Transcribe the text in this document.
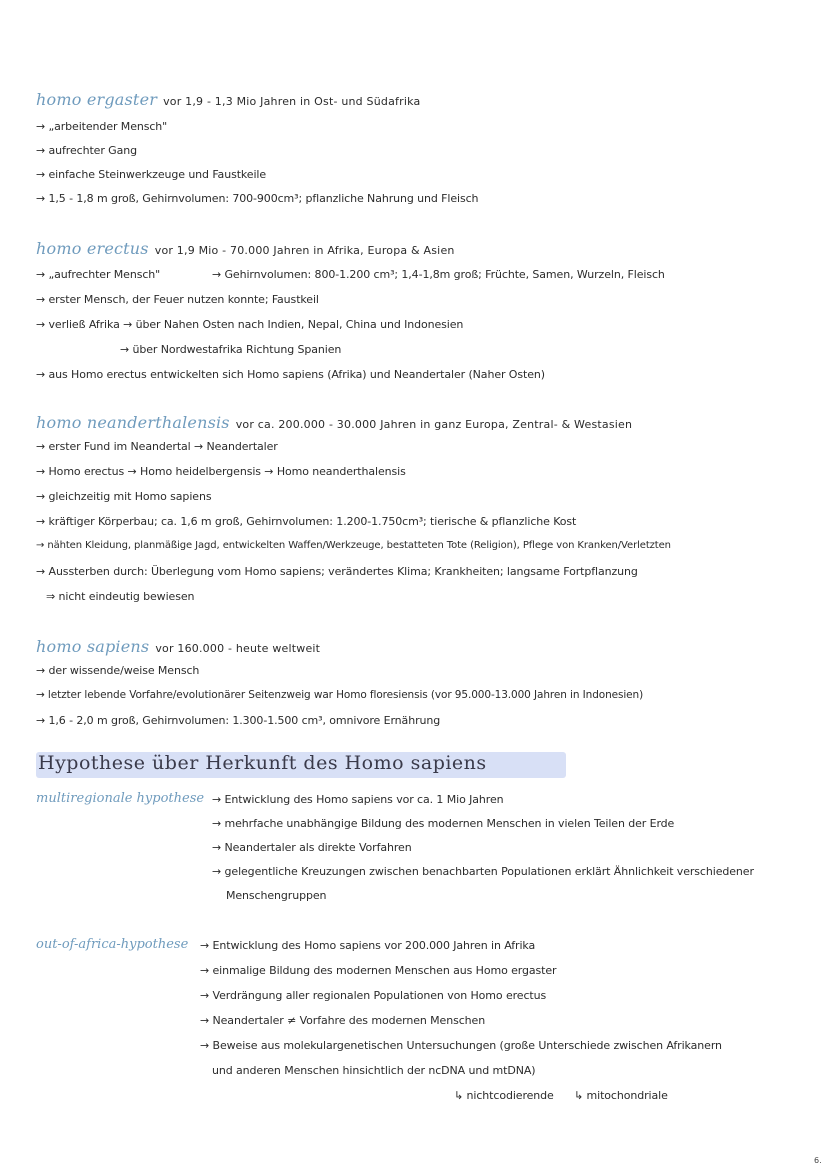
homo ergaster vor 1,9 - 1,3 Mio Jahren in Ost- und Südafrika
→ „arbeitender Mensch"
→ aufrechter Gang
→ einfache Steinwerkzeuge und Faustkeile
→ 1,5 - 1,8 m groß, Gehirnvolumen: 700-900cm³; pflanzliche Nahrung und Fleisch
homo erectus vor 1,9 Mio - 70.000 Jahren in Afrika, Europa & Asien
→ „aufrechter Mensch"	→ Gehirnvolumen: 800-1.200 cm³; 1,4-1,8m groß; Früchte, Samen, Wurzeln, Fleisch
→ erster Mensch, der Feuer nutzen konnte; Faustkeil
→ verließ Afrika → über Nahen Osten nach Indien, Nepal, China und Indonesien
→ über Nordwestafrika Richtung Spanien
→ aus Homo erectus entwickelten sich Homo sapiens (Afrika) und Neandertaler (Naher Osten)
homo neanderthalensis vor ca. 200.000 - 30.000 Jahren in ganz Europa, Zentral- & Westasien
→ erster Fund im Neandertal → Neandertaler
→ Homo erectus → Homo heidelbergensis → Homo neanderthalensis
→ gleichzeitig mit Homo sapiens
→ kräftiger Körperbau; ca. 1,6 m groß, Gehirnvolumen: 1.200-1.750cm³; tierische & pflanzliche Kost
→ nähten Kleidung, planmäßige Jagd, entwickelten Waffen/Werkzeuge, bestatteten Tote (Religion), Pflege von Kranken/Verletzten
→ Aussterben durch: Überlegung vom Homo sapiens; verändertes Klima; Krankheiten; langsame Fortpflanzung
⇒ nicht eindeutig bewiesen
homo sapiens vor 160.000 - heute weltweit
→ der wissende/weise Mensch
→ letzter lebende Vorfahre/evolutionärer Seitenzweig war Homo floresiensis (vor 95.000-13.000 Jahren in Indonesien)
→ 1,6 - 2,0 m groß, Gehirnvolumen: 1.300-1.500 cm³, omnivore Ernährung
Hypothese über Herkunft des Homo sapiens
multiregionale hypothese → Entwicklung des Homo sapiens vor ca. 1 Mio Jahren
→ mehrfache unabhängige Bildung des modernen Menschen in vielen Teilen der Erde
→ Neandertaler als direkte Vorfahren
→ gelegentliche Kreuzungen zwischen benachbarten Populationen erklärt Ähnlichkeit verschiedener
Menschengruppen
out-of-africa-hypothese → Entwicklung des Homo sapiens vor 200.000 Jahren in Afrika
→ einmalige Bildung des modernen Menschen aus Homo ergaster
→ Verdrängung aller regionalen Populationen von Homo erectus
→ Neandertaler ≠ Vorfahre des modernen Menschen
→ Beweise aus molekulargenetischen Untersuchungen (große Unterschiede zwischen Afrikanern
und anderen Menschen hinsichtlich der ncDNA und mtDNA)
↳ nichtcodierende ↳ mitochondriale
6.
